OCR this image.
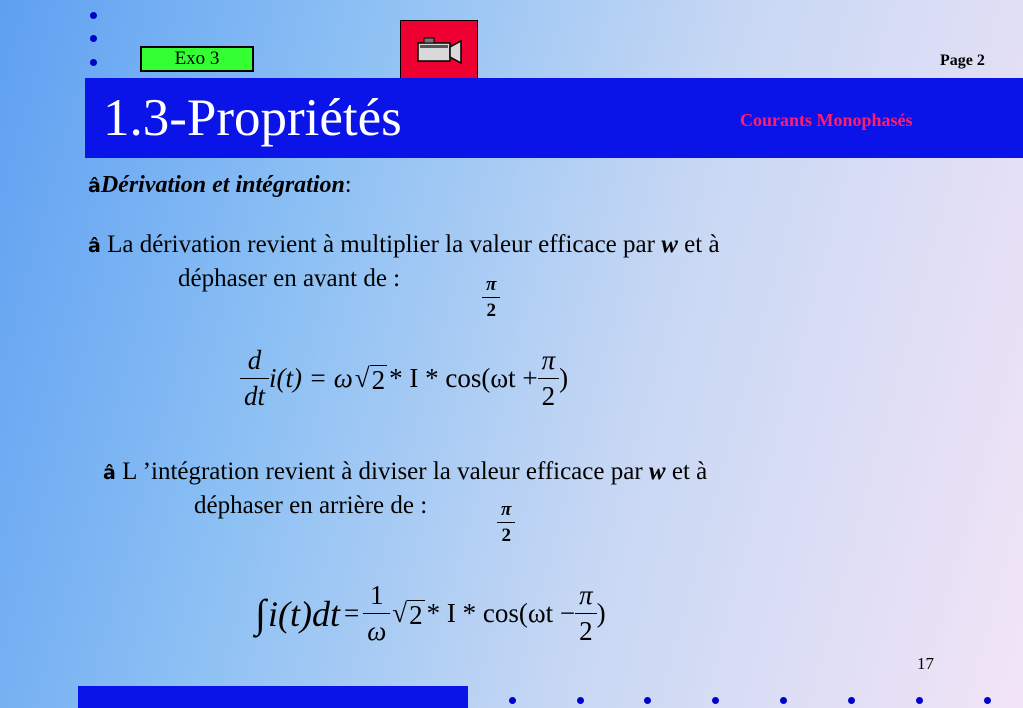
Exo 3	Page 2
1.3-Propriétés	Courants Monophasés
âDérivation et intégration:
â La dérivation revient à multiplier la valeur efficace par w et à
déphaser en avant de :	$\frac{\pi}{2}$
$\frac{d}{dt} i(t) = \omega$ √ $2 * I * \cos(\omega t + \frac{\pi}{2}$ )
â L ’intégration revient à diviser la valeur efficace par w et à
déphaser en arrière de :	$\frac{\pi}{2}$
∫ $i(t)dt = \frac{1}{\omega}$ √ $2 * I * \cos(\omega t - \frac{\pi}{2}$ )
17
